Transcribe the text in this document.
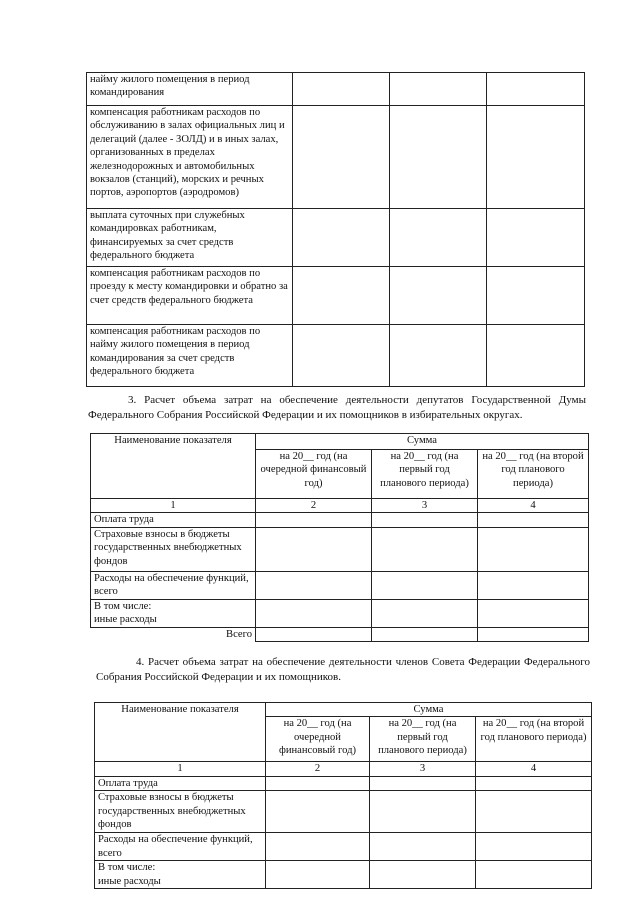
найму жилого помещения в период командирования			
компенсация работникам расходов по обслуживанию в залах официальных лиц и делегаций (далее - ЗОЛД) и в иных залах, организованных в пределах железнодорожных и автомобильных вокзалов (станций), морских и речных портов, аэропортов (аэродромов)			
выплата суточных при служебных командировках работникам, финансируемых за счет средств федерального бюджета			
компенсация работникам расходов по проезду к месту командировки и обратно за счет средств федерального бюджета			
компенсация работникам расходов по найму жилого помещения в период командирования за счет средств федерального бюджета			
3. Расчет объема затрат на обеспечение деятельности депутатов Государственной Думы Федерального Собрания Российской Федерации и их помощников в избирательных округах.
Наименование показателя	Сумма		
	на 20__ год (на очередной финансовый год)	на 20__ год (на первый год планового периода)	на 20__ год (на второй год планового периода)
1	2	3	4
Оплата труда			
Страховые взносы в бюджеты государственных внебюджетных фондов			
Расходы на обеспечение функций, всего			

В том числе:
иные расходы			

Всего			
4. Расчет объема затрат на обеспечение деятельности членов Совета Федерации Федерального Собрания Российской Федерации и их помощников.
Наименование показателя	Сумма		
	на 20__ год (на очередной финансовый год)	на 20__ год (на первый год планового периода)	на 20__ год (на второй год планового периода)
1	2	3	4
Оплата труда			
Страховые взносы в бюджеты государственных внебюджетных фондов			
Расходы на обеспечение функций, всего			

В том числе:
иные расходы			
